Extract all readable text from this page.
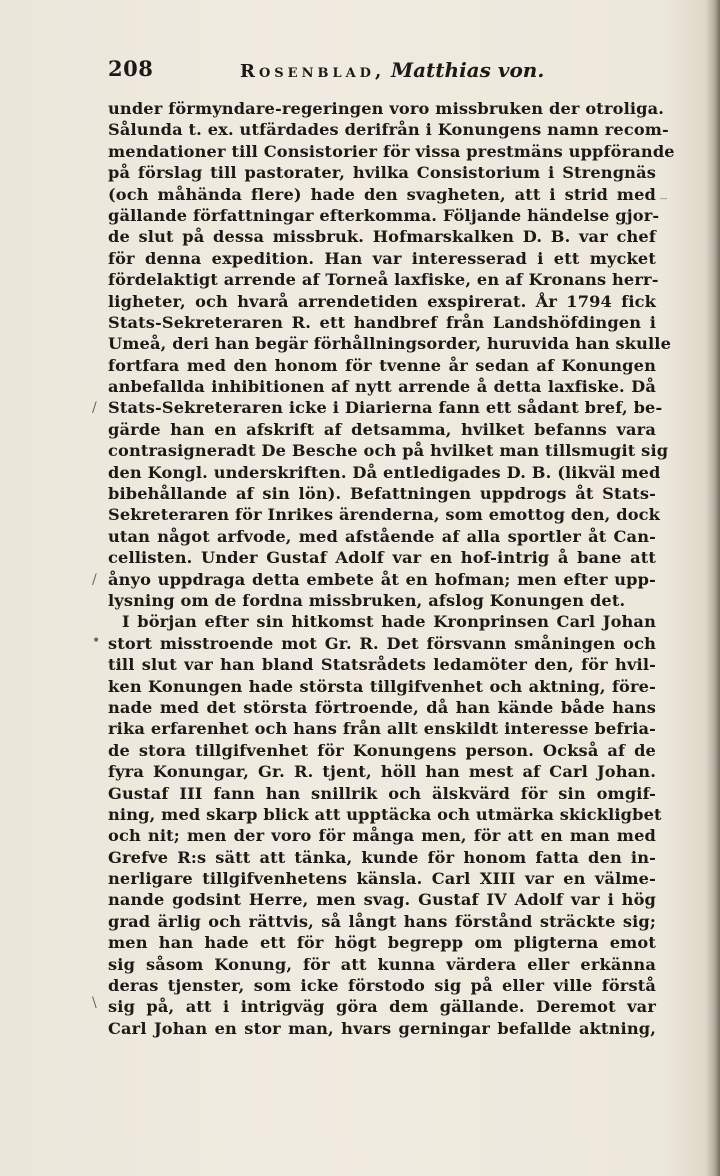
208	Rosenblad, Matthias von.
under förmyndare-regeringen voro missbruken der otroliga.
Sålunda t. ex. utfärdades derifrån i Konungens namn recom-
mendationer till Consistorier för vissa prestmäns uppförande
på förslag till pastorater, hvilka Consistorium i Strengnäs
(och måhända flere) hade den svagheten, att i strid med
gällande författningar efterkomma. Följande händelse gjor-
de slut på dessa missbruk. Hofmarskalken D. B. var chef
för denna expedition. Han var interesserad i ett mycket
fördelaktigt arrende af Torneå laxfiske, en af Kronans herr-
ligheter, och hvarå arrendetiden exspirerat. År 1794 fick
Stats-Sekreteraren R. ett handbref från Landshöfdingen i
Umeå, deri han begär förhållningsorder, huruvida han skulle
fortfara med den honom för tvenne år sedan af Konungen
anbefallda inhibitionen af nytt arrende å detta laxfiske. Då
Stats-Sekreteraren icke i Diarierna fann ett sådant bref, be-
gärde han en afskrift af detsamma, hvilket befanns vara
contrasigneradt De Besche och på hvilket man tillsmugit sig
den Kongl. underskriften. Då entledigades D. B. (likväl med
bibehållande af sin lön). Befattningen uppdrogs åt Stats-
Sekreteraren för Inrikes ärenderna, som emottog den, dock
utan något arfvode, med afstående af alla sportler åt Can-
cellisten. Under Gustaf Adolf var en hof-intrig å bane att
ånyo uppdraga detta embete åt en hofman; men efter upp-
lysning om de fordna missbruken, afslog Konungen det.
I början efter sin hitkomst hade Kronprinsen Carl Johan
stort misstroende mot Gr. R. Det försvann småningen och
till slut var han bland Statsrådets ledamöter den, för hvil-
ken Konungen hade största tillgifvenhet och aktning, före-
nade med det största förtroende, då han kände både hans
rika erfarenhet och hans från allt enskildt interesse befria-
de stora tillgifvenhet för Konungens person. Också af de
fyra Konungar, Gr. R. tjent, höll han mest af Carl Johan.
Gustaf III fann han snillrik och älskvärd för sin omgif-
ning, med skarp blick att upptäcka och utmärka skickligbet
och nit; men der voro för många men, för att en man med
Grefve R:s sätt att tänka, kunde för honom fatta den in-
nerligare tillgifvenhetens känsla. Carl XIII var en välme-
nande godsint Herre, men svag. Gustaf IV Adolf var i hög
grad ärlig och rättvis, så långt hans förstånd sträckte sig;
men han hade ett för högt begrepp om pligterna emot
sig såsom Konung, för att kunna värdera eller erkänna
deras tjenster, som icke förstodo sig på eller ville förstå
sig på, att i intrigväg göra dem gällande. Deremot var
Carl Johan en stor man, hvars gerningar befallde aktning,
/
/
•
\
_
